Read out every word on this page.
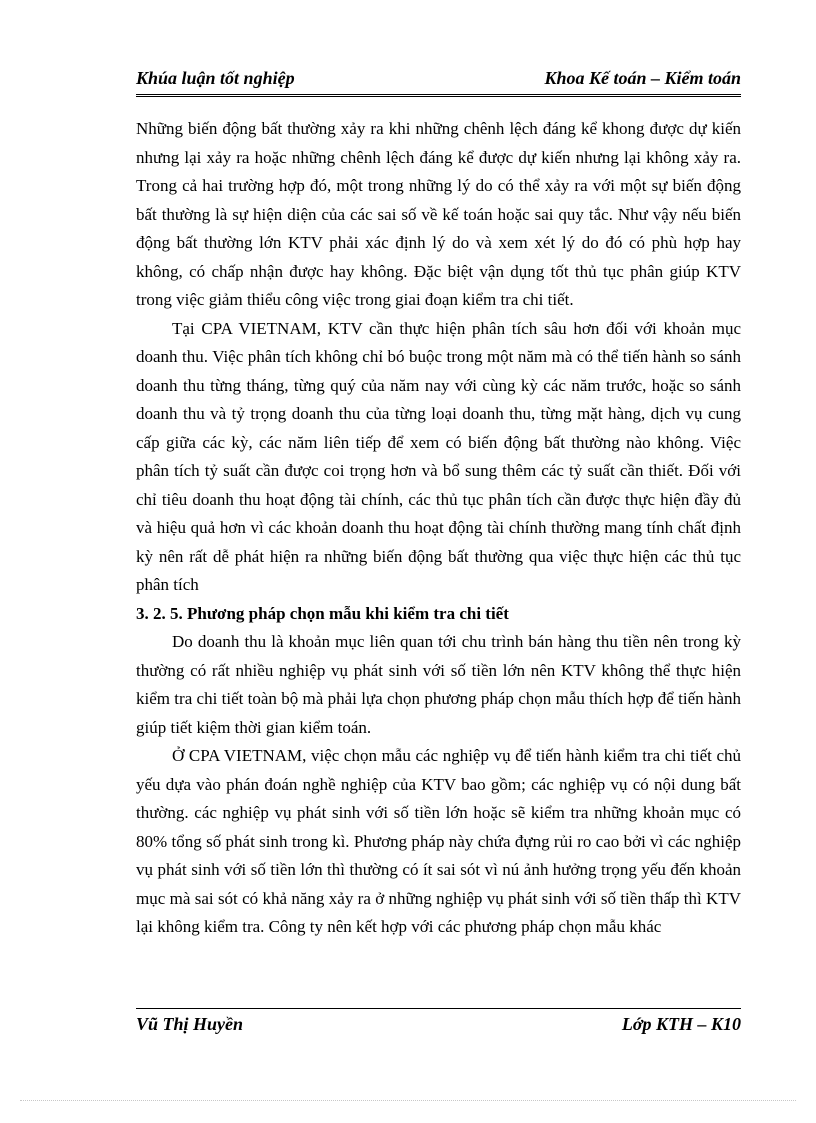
Khúa luận tốt nghiệp	Khoa Kế toán – Kiểm toán

Những biến động bất thường xảy ra khi những chênh lệch đáng kể khong được dự kiến nhưng lại xảy ra hoặc những chênh lệch đáng kể được dự kiến nhưng lại không xảy ra. Trong cả hai trường hợp đó, một trong những lý do có thể xảy ra với một sự biến động bất thường là sự hiện diện của các sai số về kế toán hoặc sai quy tắc. Như vậy nếu biến động bất thường lớn KTV phải xác định lý do và xem xét lý do đó có phù hợp hay không, có chấp nhận được hay không. Đặc biệt vận dụng tốt thủ tục phân giúp KTV trong việc giảm thiểu công việc trong giai đoạn kiểm tra chi tiết.

Tại CPA VIETNAM, KTV cần thực hiện phân tích sâu hơn đối với khoản mục doanh thu. Việc phân tích không chỉ bó buộc trong một năm mà có thể tiến hành so sánh doanh thu từng tháng, từng quý của năm nay với cùng kỳ các năm trước, hoặc so sánh doanh thu và tỷ trọng doanh thu của từng loại doanh thu, từng mặt hàng, dịch vụ cung cấp giữa các kỳ, các năm liên tiếp để xem có biến động bất thường nào không. Việc phân tích tỷ suất cần được coi trọng hơn và bổ sung thêm các tỷ suất cần thiết. Đối với chỉ tiêu doanh thu hoạt động tài chính, các thủ tục phân tích cần được thực hiện đầy đủ và hiệu quả hơn vì các khoản doanh thu hoạt động tài chính thường mang tính chất định kỳ nên rất dễ phát hiện ra những biến động bất thường qua việc thực hiện các thủ tục phân tích

3. 2. 5. Phương pháp chọn mẫu khi kiểm tra chi tiết

Do doanh thu là khoản mục liên quan tới chu trình bán hàng thu tiền nên trong kỳ thường có rất nhiều nghiệp vụ phát sinh với số tiền lớn nên KTV không thể thực hiện kiểm tra chi tiết toàn bộ mà phải lựa chọn phương pháp chọn mẫu thích hợp để tiến hành giúp tiết kiệm thời gian kiểm toán.

Ở CPA VIETNAM, việc chọn mẫu các nghiệp vụ để tiến hành kiểm tra chi tiết chủ yếu dựa vào phán đoán nghề nghiệp của KTV bao gồm; các nghiệp vụ có nội dung bất thường. các nghiệp vụ phát sinh với số tiền lớn hoặc sẽ kiểm tra những khoản mục có 80% tổng số phát sinh trong kì. Phương pháp này chứa đựng rủi ro cao bởi vì các nghiệp vụ phát sinh với số tiền lớn thì thường có ít sai sót vì nú ảnh hưởng trọng yếu đến khoản mục mà sai sót có khả năng xảy ra ở những nghiệp vụ phát sinh với số tiền thấp thì KTV lại không kiểm tra. Công ty nên kết hợp với các phương pháp chọn mẫu khác

Vũ Thị Huyền	Lớp KTH – K10
